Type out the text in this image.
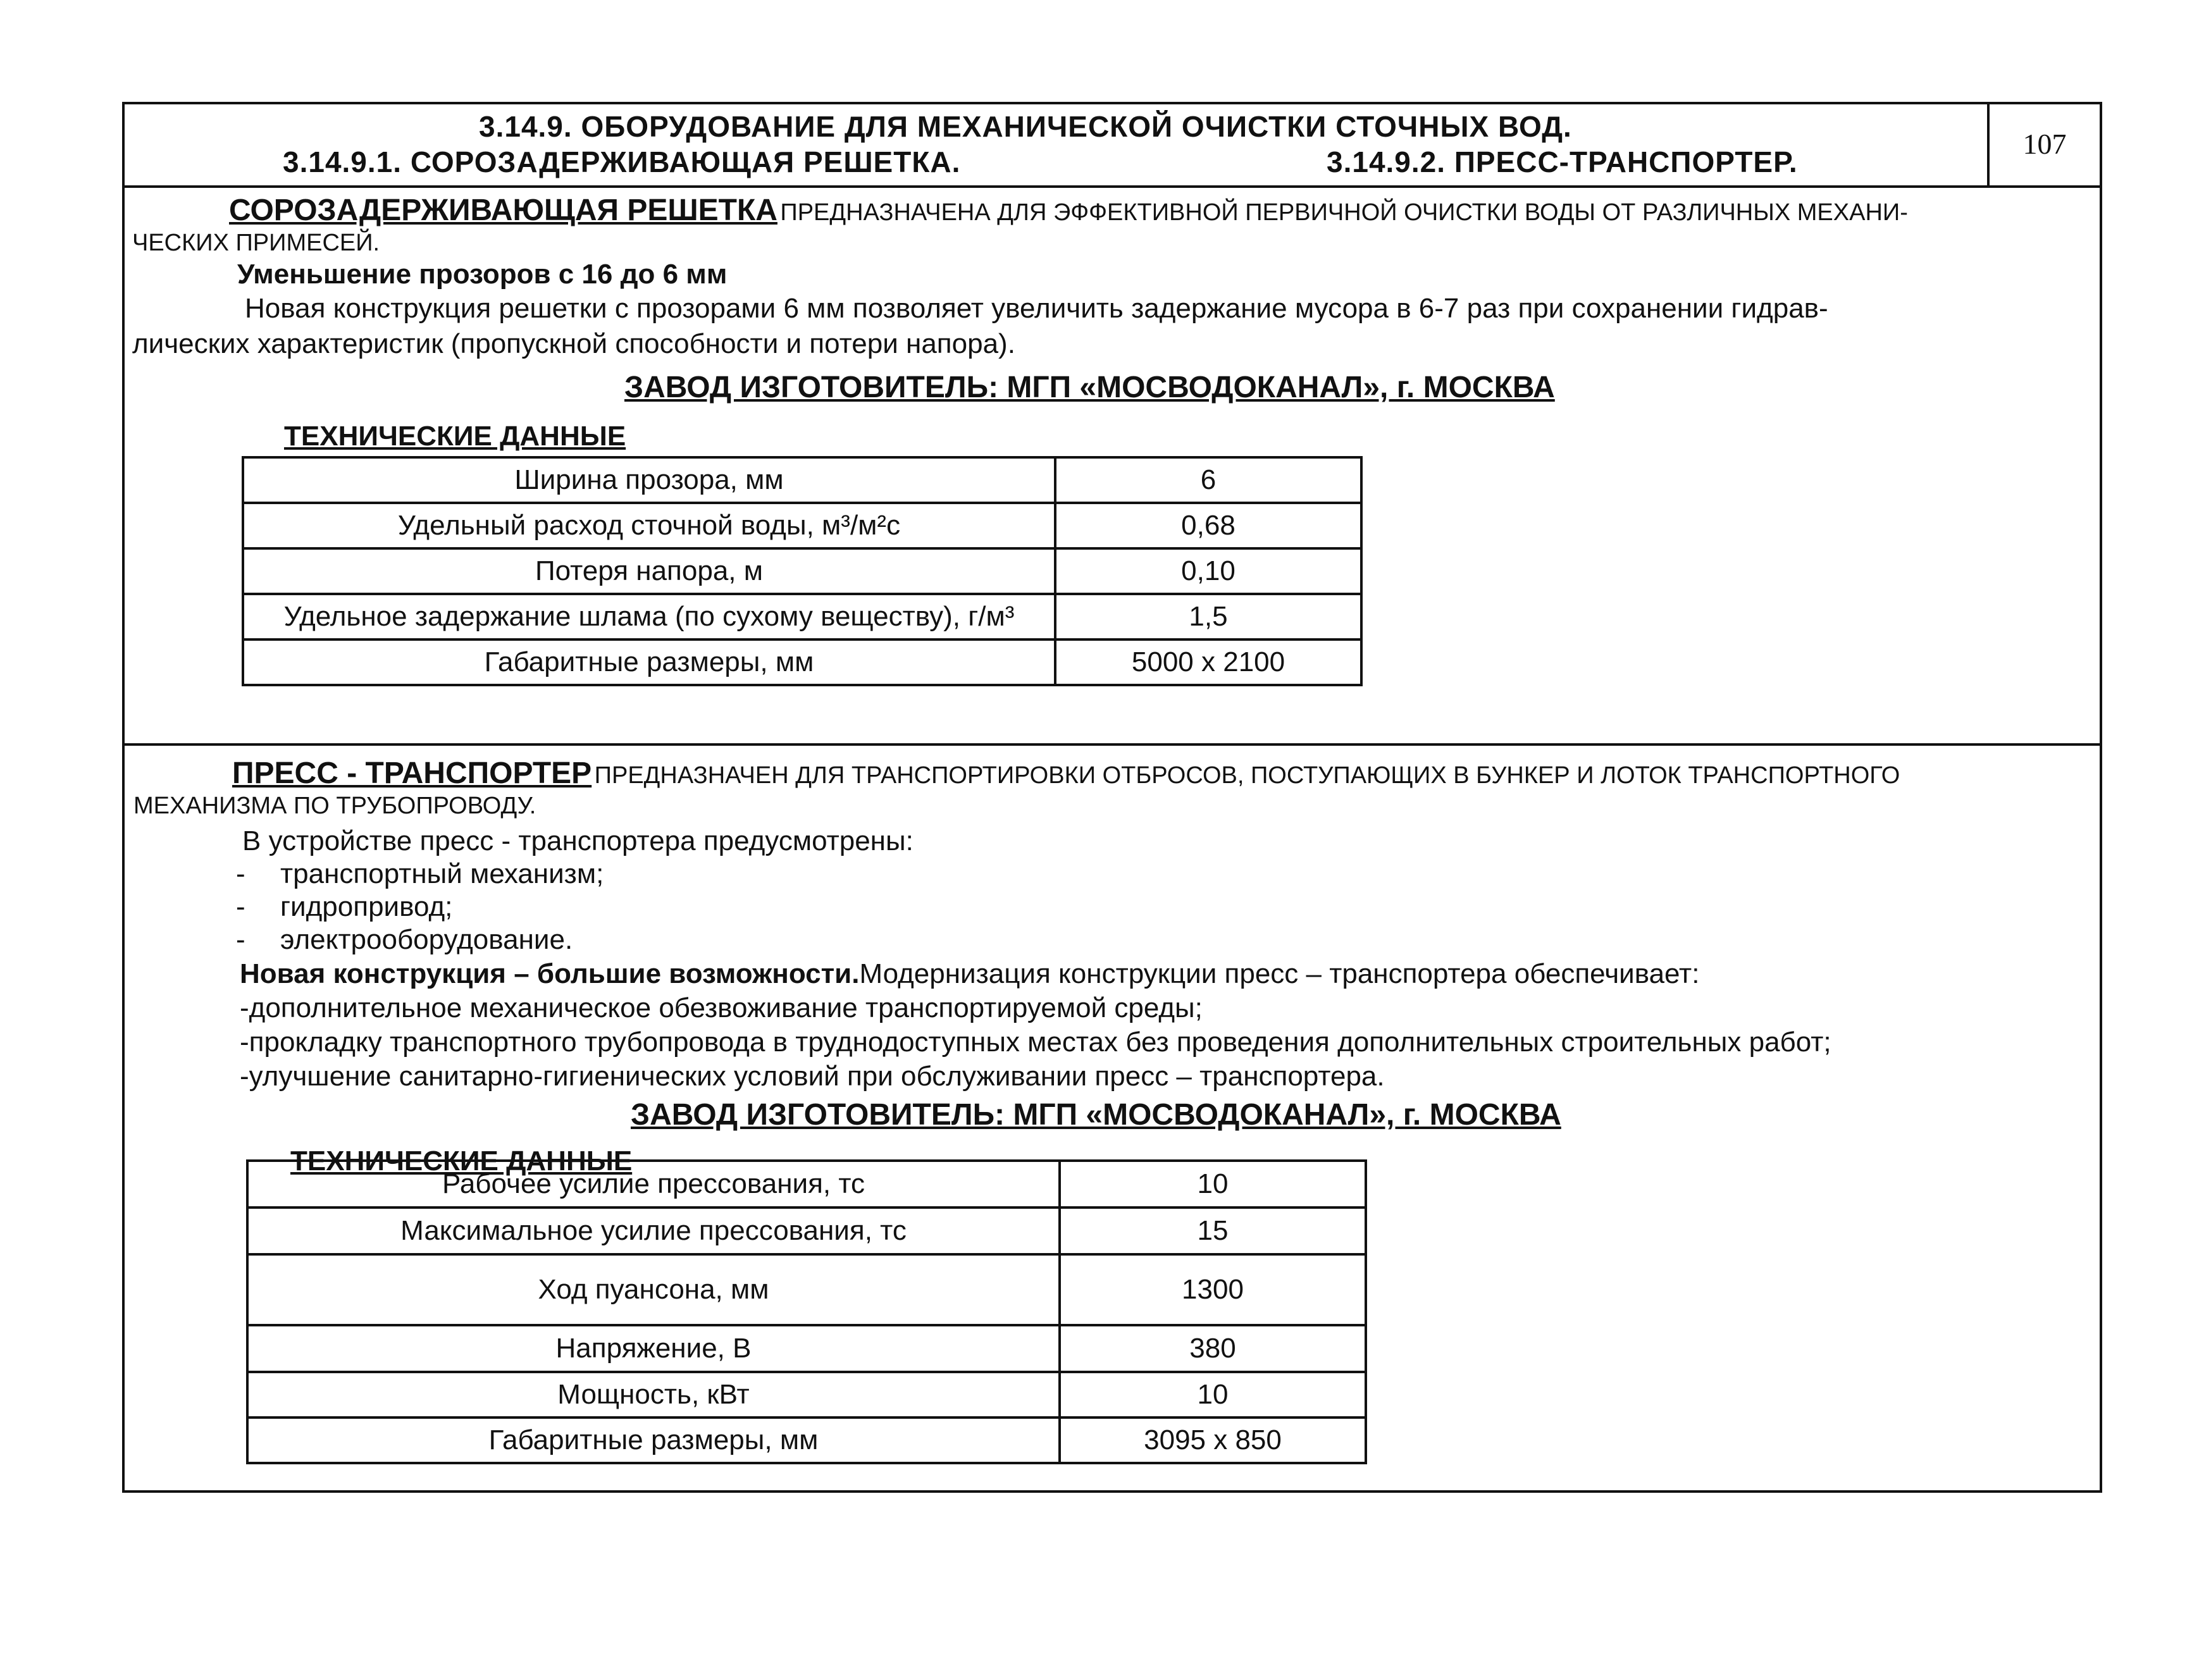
3.14.9. ОБОРУДОВАНИЕ ДЛЯ МЕХАНИЧЕСКОЙ ОЧИСТКИ СТОЧНЫХ ВОД.
3.14.9.1. СОРОЗАДЕРЖИВАЮЩАЯ РЕШЕТКА.	3.14.9.2. ПРЕСС-ТРАНСПОРТЕР.
107
СОРОЗАДЕРЖИВАЮЩАЯ РЕШЕТКА ПРЕДНАЗНАЧЕНА ДЛЯ ЭФФЕКТИВНОЙ ПЕРВИЧНОЙ ОЧИСТКИ ВОДЫ ОТ РАЗЛИЧНЫХ МЕХАНИ-
ЧЕСКИХ ПРИМЕСЕЙ.
Уменьшение прозоров с 16 до 6 мм
Новая конструкция решетки с прозорами 6 мм позволяет увеличить задержание мусора в 6-7 раз при сохранении гидрав-
лических характеристик (пропускной способности и потери напора).
ЗАВОД ИЗГОТОВИТЕЛЬ: МГП «МОСВОДОКАНАЛ», г. МОСКВА
ТЕХНИЧЕСКИЕ ДАННЫЕ
Ширина прозора, мм	6
Удельный расход сточной воды, м³/м²с	0,68
Потеря напора, м	0,10
Удельное задержание шлама (по сухому веществу), г/м³	1,5
Габаритные размеры, мм	5000 х 2100
ПРЕСС - ТРАНСПОРТЕР ПРЕДНАЗНАЧЕН ДЛЯ ТРАНСПОРТИРОВКИ ОТБРОСОВ, ПОСТУПАЮЩИХ В БУНКЕР И ЛОТОК ТРАНСПОРТНОГО
МЕХАНИЗМА ПО ТРУБОПРОВОДУ.
В устройстве пресс - транспортера предусмотрены:
- транспортный механизм;
- гидропривод;
- электрооборудование.
Новая конструкция – большие возможности.Модернизация конструкции пресс – транспортера обеспечивает:
-дополнительное механическое обезвоживание транспортируемой среды;
-прокладку транспортного трубопровода в труднодоступных местах без проведения дополнительных строительных работ;
-улучшение санитарно-гигиенических условий при обслуживании пресс – транспортера.
ЗАВОД ИЗГОТОВИТЕЛЬ: МГП «МОСВОДОКАНАЛ», г. МОСКВА
ТЕХНИЧЕСКИЕ ДАННЫЕ
Рабочее усилие прессования, тс	10
Максимальное усилие прессования, тс	15
Ход пуансона, мм	1300
Напряжение, В	380
Мощность, кВт	10
Габаритные размеры, мм	3095 х 850
